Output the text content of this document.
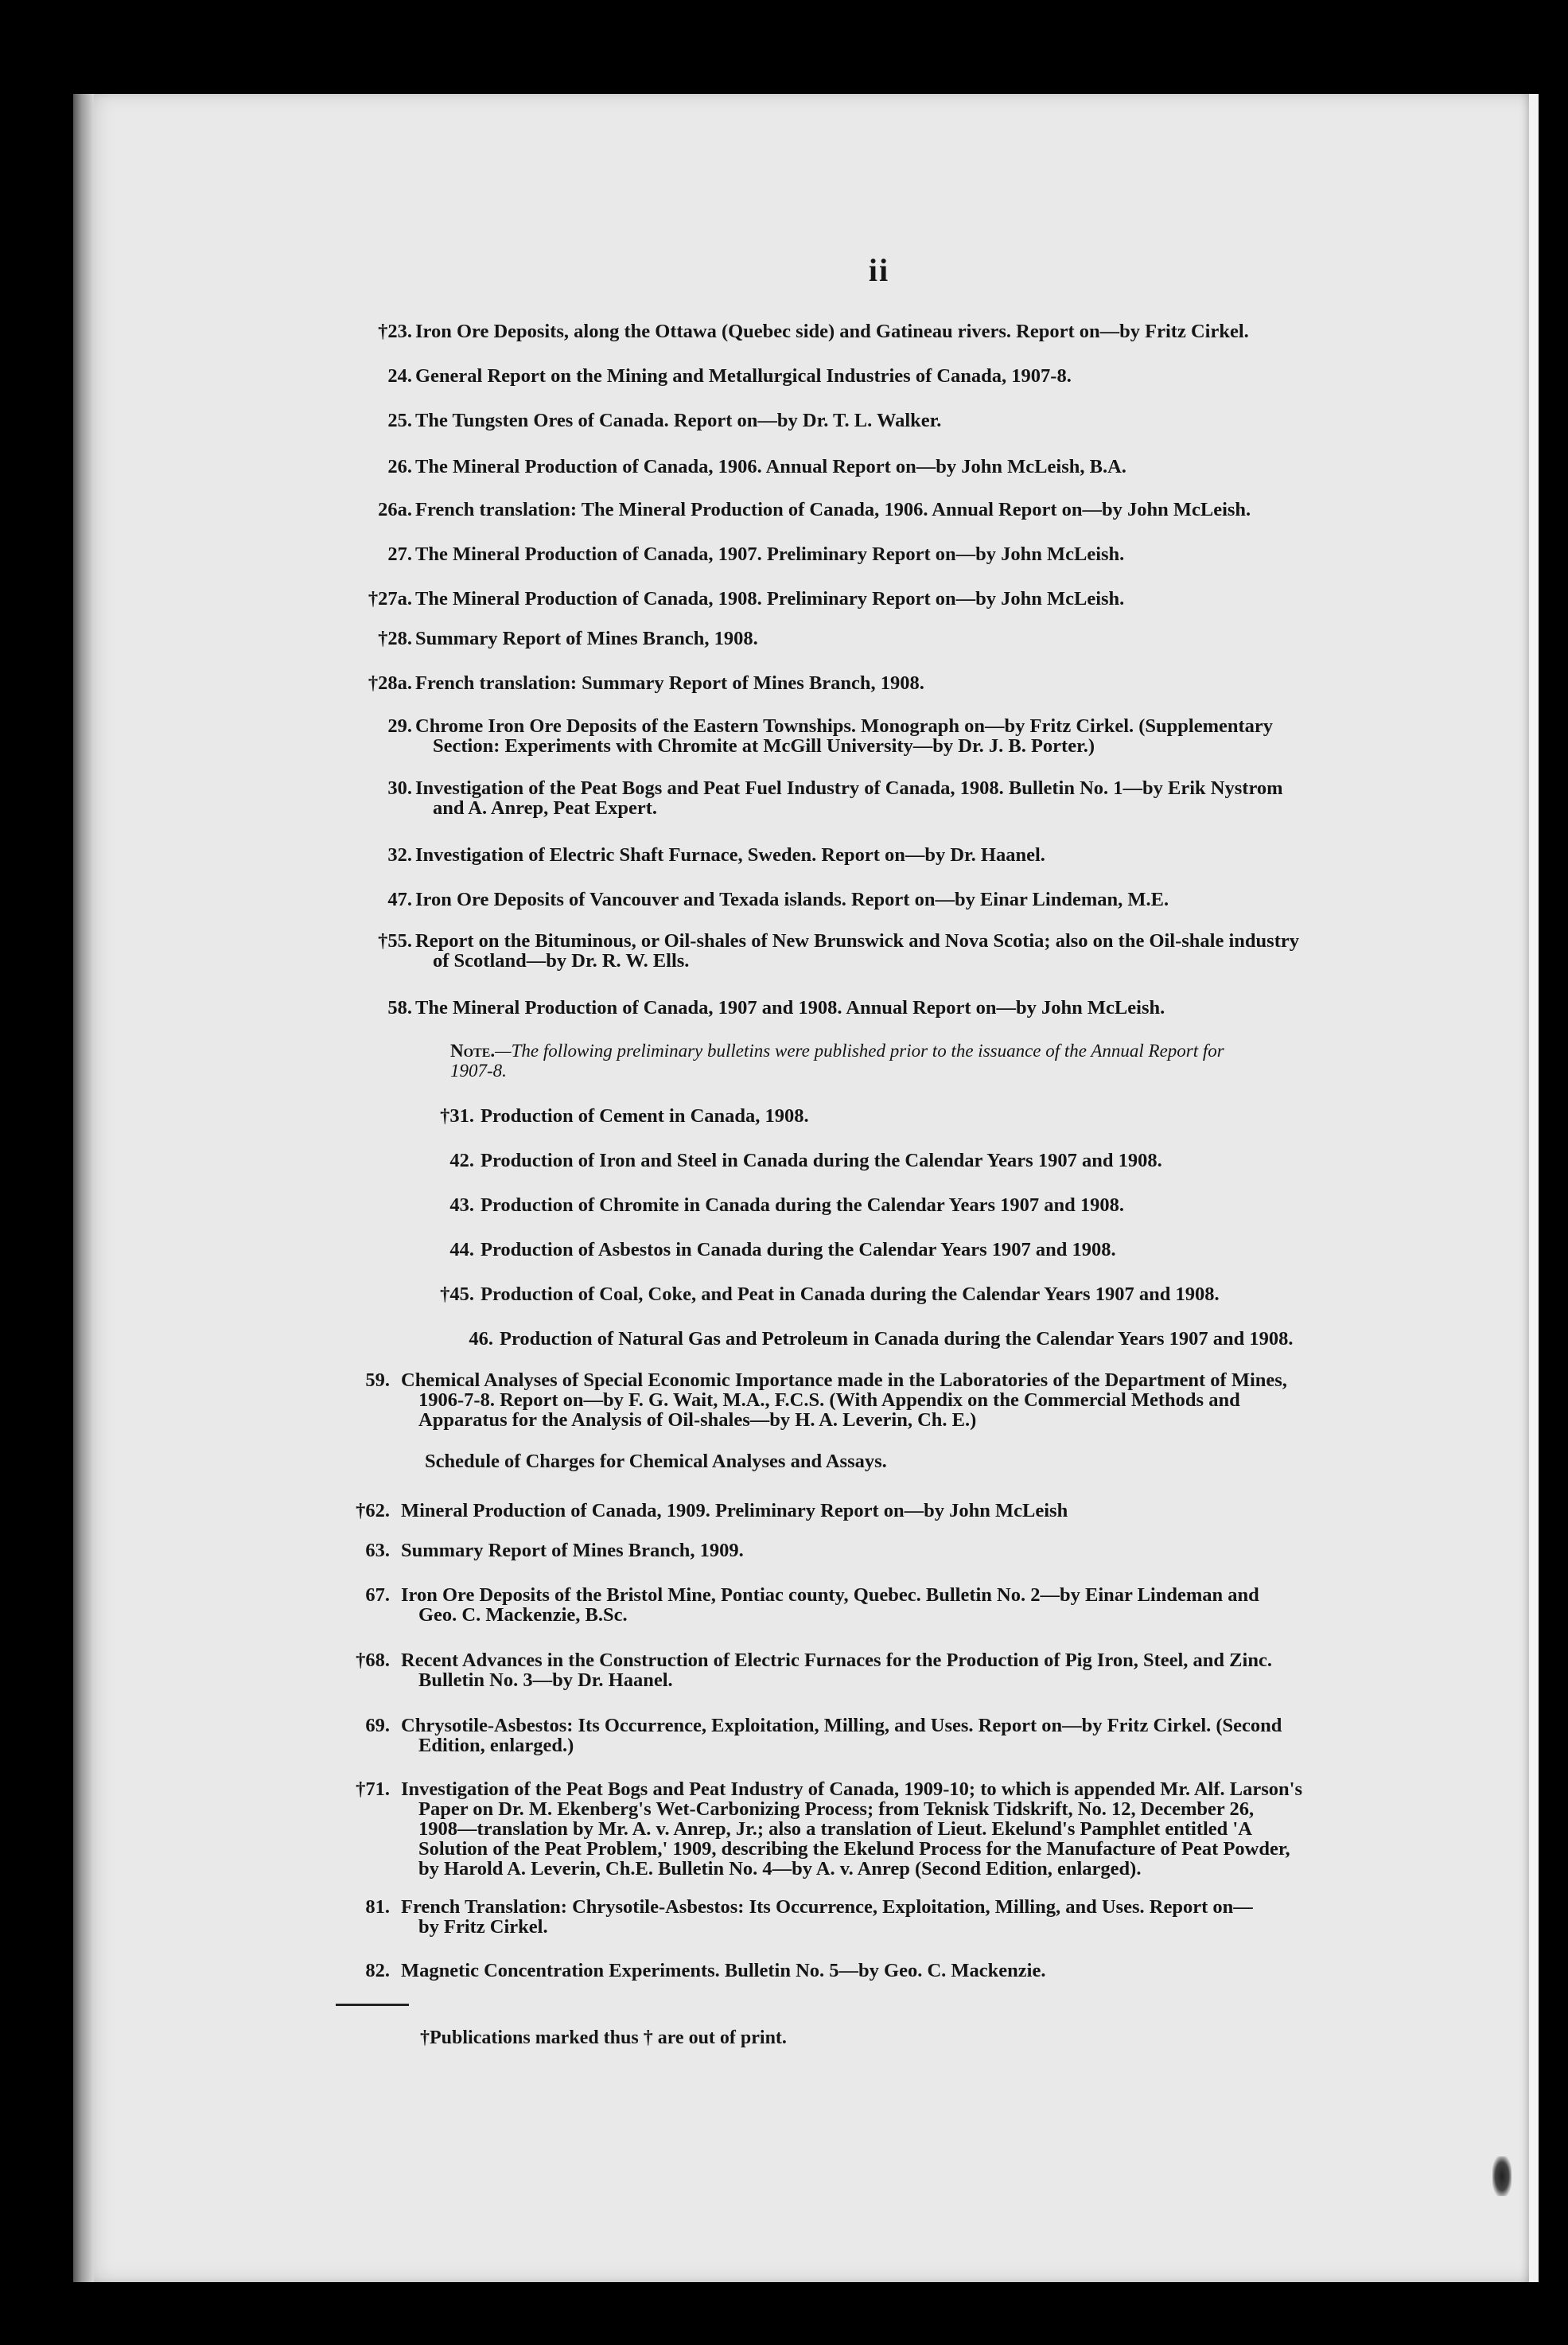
ii
†23. Iron Ore Deposits, along the Ottawa (Quebec side) and Gatineau rivers. Report on—by Fritz Cirkel.
24. General Report on the Mining and Metallurgical Industries of Canada, 1907-8.
25. The Tungsten Ores of Canada. Report on—by Dr. T. L. Walker.
26. The Mineral Production of Canada, 1906. Annual Report on—by John McLeish, B.A.
26a. French translation: The Mineral Production of Canada, 1906. Annual Report on—by John McLeish.
27. The Mineral Production of Canada, 1907. Preliminary Report on—by John McLeish.
†27a. The Mineral Production of Canada, 1908. Preliminary Report on—by John McLeish.
†28. Summary Report of Mines Branch, 1908.
†28a. French translation: Summary Report of Mines Branch, 1908.
29. Chrome Iron Ore Deposits of the Eastern Townships. Monograph on—by Fritz Cirkel. (Supplementary
Section: Experiments with Chromite at McGill University—by Dr. J. B. Porter.)
30. Investigation of the Peat Bogs and Peat Fuel Industry of Canada, 1908. Bulletin No. 1—by Erik Nystrom
and A. Anrep, Peat Expert.
32. Investigation of Electric Shaft Furnace, Sweden. Report on—by Dr. Haanel.
47. Iron Ore Deposits of Vancouver and Texada islands. Report on—by Einar Lindeman, M.E.
†55. Report on the Bituminous, or Oil-shales of New Brunswick and Nova Scotia; also on the Oil-shale industry
of Scotland—by Dr. R. W. Ells.
58. The Mineral Production of Canada, 1907 and 1908. Annual Report on—by John McLeish.
Note.—The following preliminary bulletins were published prior to the issuance of the Annual Report for
1907-8.
†31. Production of Cement in Canada, 1908.
42. Production of Iron and Steel in Canada during the Calendar Years 1907 and 1908.
43. Production of Chromite in Canada during the Calendar Years 1907 and 1908.
44. Production of Asbestos in Canada during the Calendar Years 1907 and 1908.
†45. Production of Coal, Coke, and Peat in Canada during the Calendar Years 1907 and 1908.
46. Production of Natural Gas and Petroleum in Canada during the Calendar Years 1907 and 1908.
59. Chemical Analyses of Special Economic Importance made in the Laboratories of the Department of Mines,
1906-7-8. Report on—by F. G. Wait, M.A., F.C.S. (With Appendix on the Commercial Methods and
Apparatus for the Analysis of Oil-shales—by H. A. Leverin, Ch. E.)
Schedule of Charges for Chemical Analyses and Assays.
†62. Mineral Production of Canada, 1909. Preliminary Report on—by John McLeish
63. Summary Report of Mines Branch, 1909.
67. Iron Ore Deposits of the Bristol Mine, Pontiac county, Quebec. Bulletin No. 2—by Einar Lindeman and
Geo. C. Mackenzie, B.Sc.
†68. Recent Advances in the Construction of Electric Furnaces for the Production of Pig Iron, Steel, and Zinc.
Bulletin No. 3—by Dr. Haanel.
69. Chrysotile-Asbestos: Its Occurrence, Exploitation, Milling, and Uses. Report on—by Fritz Cirkel. (Second
Edition, enlarged.)
†71. Investigation of the Peat Bogs and Peat Industry of Canada, 1909-10; to which is appended Mr. Alf. Larson's
Paper on Dr. M. Ekenberg's Wet-Carbonizing Process; from Teknisk Tidskrift, No. 12, December 26,
1908—translation by Mr. A. v. Anrep, Jr.; also a translation of Lieut. Ekelund's Pamphlet entitled 'A
Solution of the Peat Problem,' 1909, describing the Ekelund Process for the Manufacture of Peat Powder,
by Harold A. Leverin, Ch.E. Bulletin No. 4—by A. v. Anrep (Second Edition, enlarged).
81. French Translation: Chrysotile-Asbestos: Its Occurrence, Exploitation, Milling, and Uses. Report on—
by Fritz Cirkel.
82. Magnetic Concentration Experiments. Bulletin No. 5—by Geo. C. Mackenzie.
†Publications marked thus † are out of print.
